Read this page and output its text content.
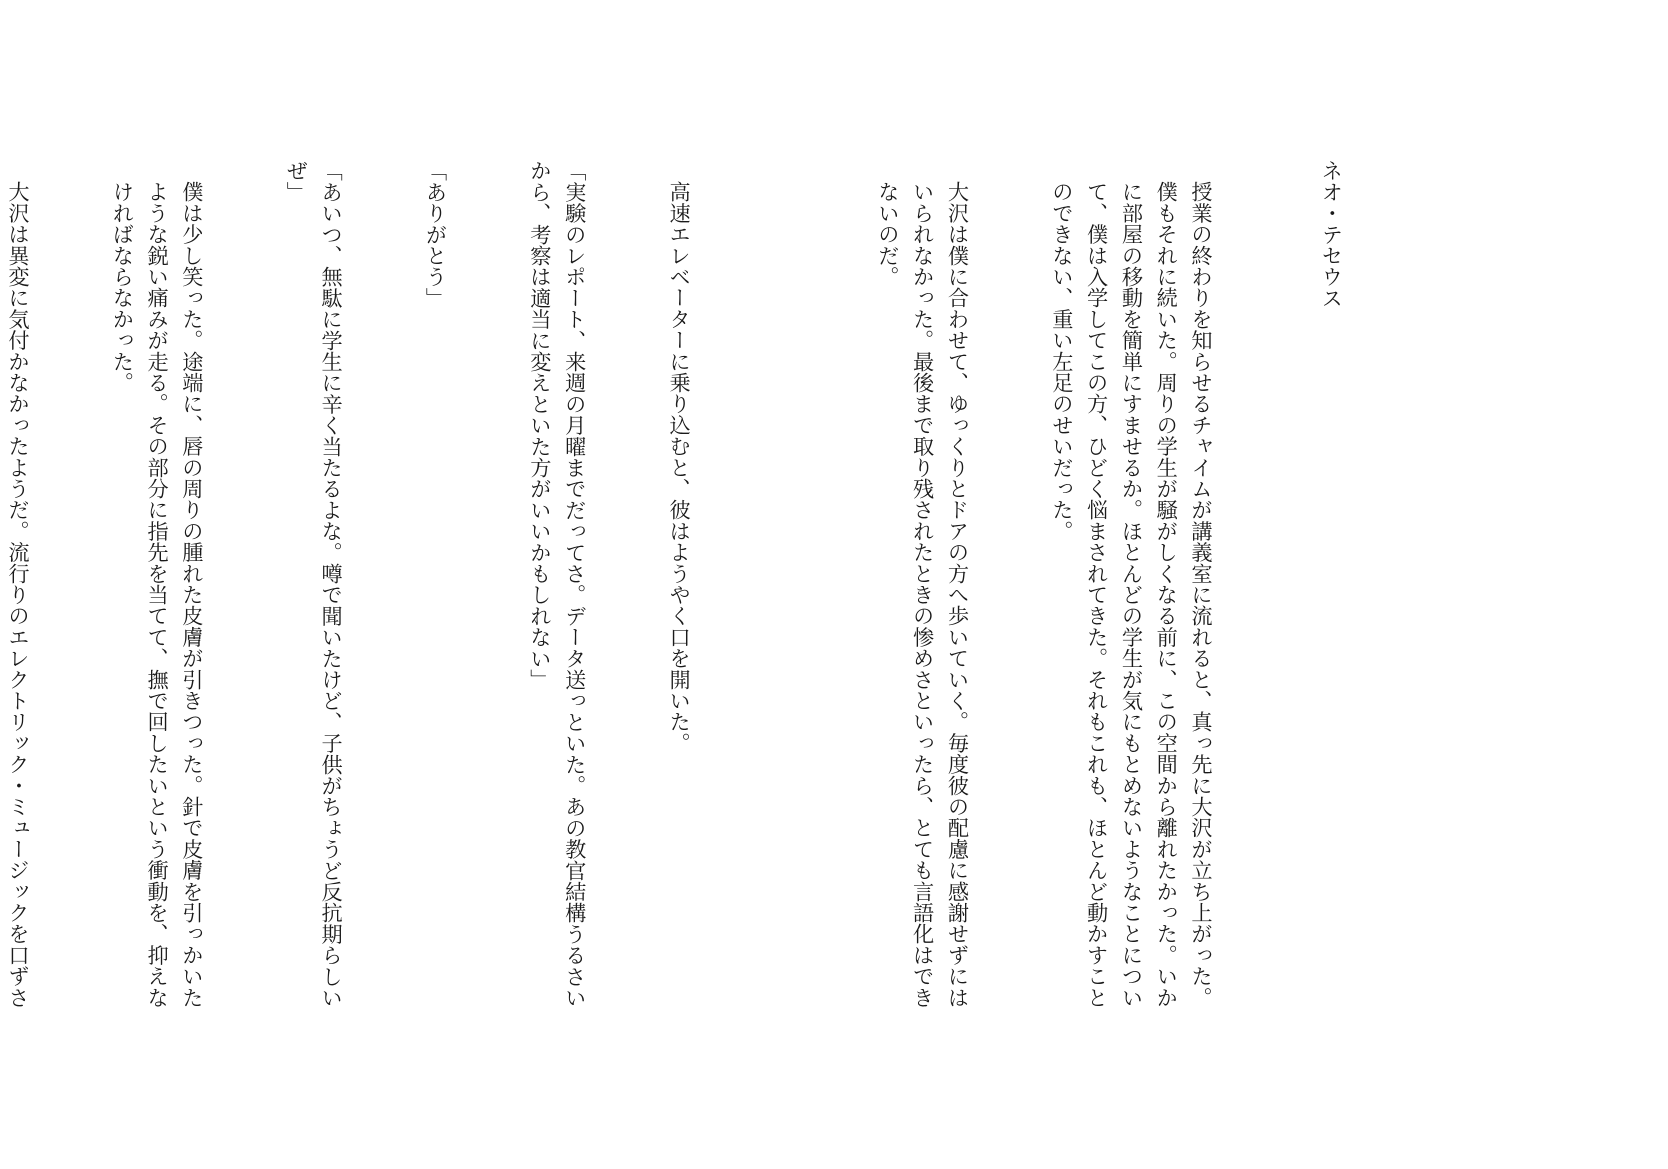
ネオ・テセウス

授業の終わりを知らせるチャイムが講義室に流れると、真っ先に大沢が立ち上がった。僕もそれに続いた。周りの学生が騒がしくなる前に、この空間から離れたかった。いかに部屋の移動を簡単にすませるか。ほとんどの学生が気にもとめないようなことについて、僕は入学してこの方、ひどく悩まされてきた。それもこれも、ほとんど動かすことのできない、重い左足のせいだった。

大沢は僕に合わせて、ゆっくりとドアの方へ歩いていく。毎度彼の配慮に感謝せずにはいられなかった。最後まで取り残されたときの惨めさといったら、とても言語化はできないのだ。

高速エレベーターに乗り込むと、彼はようやく口を開いた。

「実験のレポート、来週の月曜までだってさ。データ送っといた。あの教官結構うるさいから、考察は適当に変えといた方がいいかもしれない」

「ありがとう」

「あいつ、無駄に学生に辛く当たるよな。噂で聞いたけど、子供がちょうど反抗期らしいぜ」

僕は少し笑った。途端に、唇の周りの腫れた皮膚が引きつった。針で皮膚を引っかいたような鋭い痛みが走る。その部分に指先を当てて、撫で回したいという衝動を、抑えなければならなかった。

大沢は異変に気付かなかったようだ。流行りのエレクトリック・ミュージックを口ずさ
